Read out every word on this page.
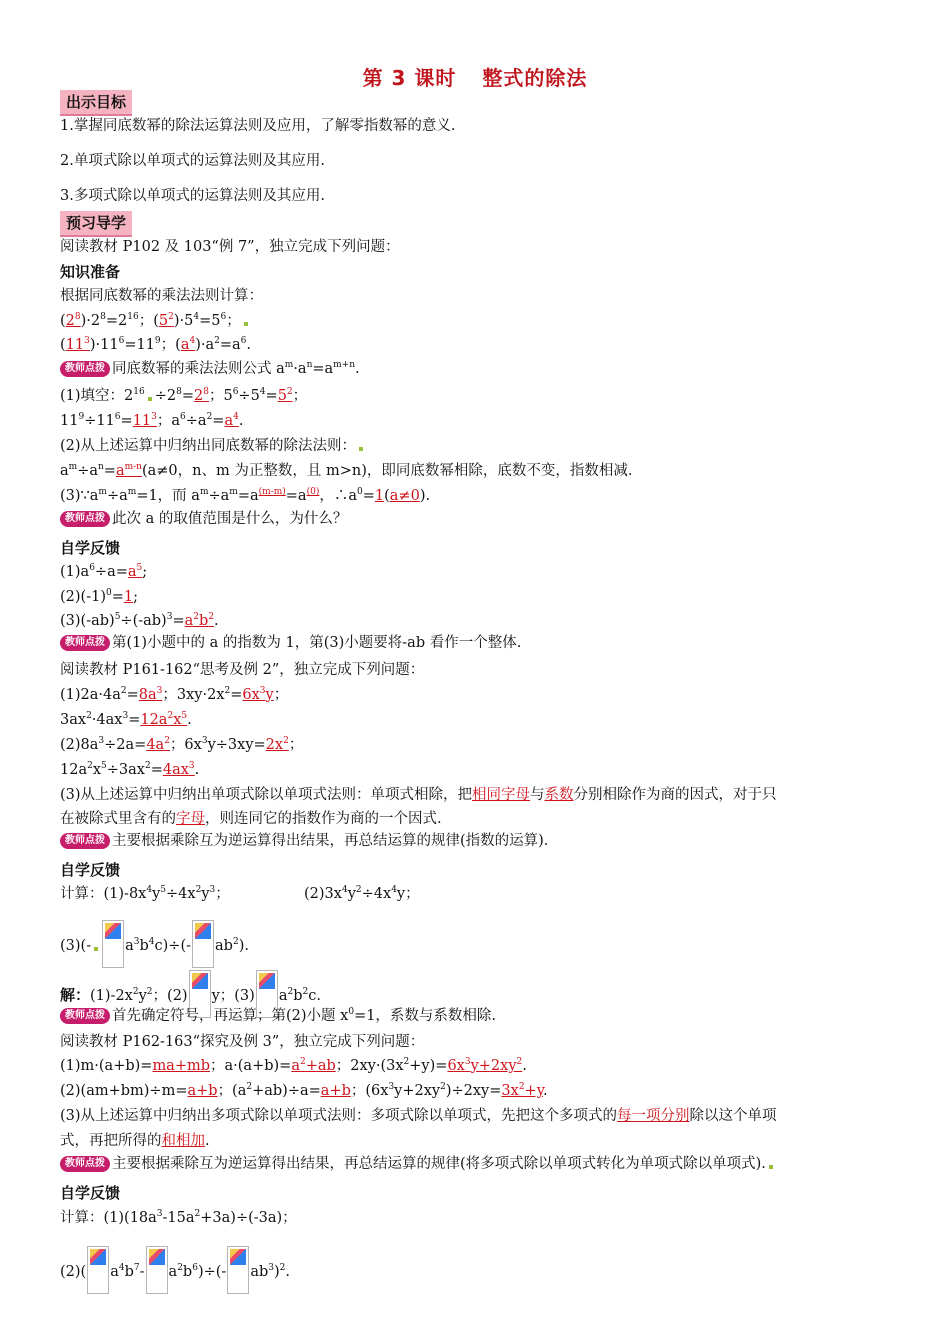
第 3 课时 整式的除法
出示目标
1.掌握同底数幂的除法运算法则及应用，了解零指数幂的意义.
2.单项式除以单项式的运算法则及其应用.
3.多项式除以单项式的运算法则及其应用.
预习导学
阅读教材 P102 及 103“例 7”，独立完成下列问题：
知识准备
根据同底数幂的乘法法则计算：
$(2^8)\cdot 2^8=2^{16}$；$(5^2)\cdot 5^4=5^6$；
$(11^3)\cdot 11^6=11^9$；$(a^4)\cdot a^2=a^6$.
教师点拨 同底数幂的乘法法则公式 $a^m\cdot a^n=a^{m+n}$.
(1)填空：$2^{16} \div 2^8=2^8$；$5^6\div 5^4=5^2$；
$11^9\div 11^6=11^3$；$a^6\div a^2=a^4$.
(2)从上述运算中归纳出同底数幂的除法法则：
$a^m\div a^n=a^{m-n}(a\ne 0$，n、m 为正整数，且 m>n)，即同底数幂相除，底数不变，指数相减.
$(3)\because a^m\div a^m=1$，而 $a^m\div a^m=a^{(m-m)}=a^{(0)}$，$\therefore a^0=1(a\ne 0)$.
教师点拨 此次 a 的取值范围是什么，为什么？
自学反馈
$(1)a^6\div a=a^5$;
$(2)(-1)^0=1$;
$(3)(-ab)^5\div(-ab)^3=a^2b^2$.
教师点拨 第(1)小题中的 a 的指数为 1，第(3)小题要将-ab 看作一个整体.
阅读教材 P161-162“思考及例 2”，独立完成下列问题：
$(1)2a\cdot 4a^2=8a^3$；$3xy\cdot 2x^2=6x^3y$；
$3ax^2\cdot 4ax^3=12a^2x^5$.
$(2)8a^3\div 2a=4a^2$；$6x^3y\div 3xy=2x^2$；
$12a^2x^5\div 3ax^2=4ax^3$.
(3)从上述运算中归纳出单项式除以单项式法则：单项式相除，把相同字母与系数分别相除作为商的因式，对于只
在被除式里含有的字母，则连同它的指数作为商的一个因式.
教师点拨 主要根据乘除互为逆运算得出结果，再总结运算的规律(指数的运算).
自学反馈
计算：$(1)-8x^4y^5\div 4x^2y^3$；	$(2)3x^4y^2\div 4x^4y$；
(3)(- $a^3b^4c)\div(-$ $ab^2$).
解：$(1)-2x^2y^2$；(2) y；(3) $a^2b^2c$.
教师点拨 首先确定符号，再运算；第(2)小题 $x^0=1$，系数与系数相除.
阅读教材 P162-163“探究及例 3”，独立完成下列问题：
(1)m·(a+b)=ma+mb；$a\cdot(a+b)=a^2+ab$；$2xy\cdot(3x^2+y)=6x^3y+2xy^2$.
(2)(am+bm)÷m=a+b；$(a^2+ab)\div a=a+b$；$(6x^3y+2xy^2)\div 2xy=3x^2+y$.
(3)从上述运算中归纳出多项式除以单项式法则：多项式除以单项式，先把这个多项式的每一项分别除以这个单项
式，再把所得的和相加.
教师点拨 主要根据乘除互为逆运算得出结果，再总结运算的规律(将多项式除以单项式转化为单项式除以单项式).
自学反馈
计算：$(1)(18a^3-15a^2+3a)\div(-3a)$；
(2)( $a^4b^7-$ $a^2b^6)\div(-$ $ab^3)^2$.
